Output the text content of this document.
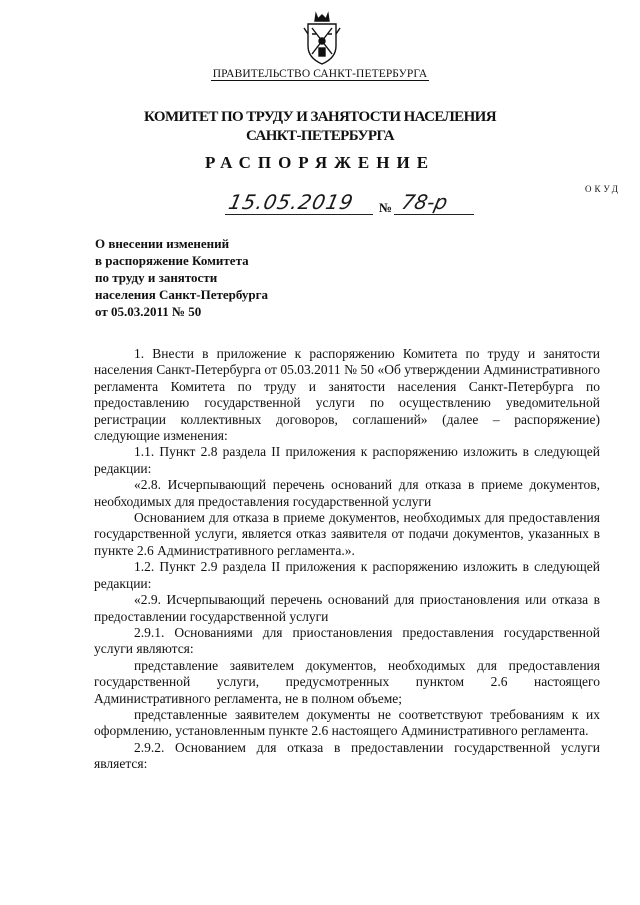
ПРАВИТЕЛЬСТВО САНКТ-ПЕТЕРБУРГА
КОМИТЕТ ПО ТРУДУ И ЗАНЯТОСТИ НАСЕЛЕНИЯ
САНКТ-ПЕТЕРБУРГА
РАСПОРЯЖЕНИЕ
ОКУД
15.05.2019 № 78-р
О внесении изменений
в распоряжение Комитета
по труду и занятости
населения Санкт-Петербурга
от 05.03.2011 № 50

1. Внести в приложение к распоряжению Комитета по труду и занятости населения Санкт-Петербурга от 05.03.2011 № 50 «Об утверждении Административного регламента Комитета по труду и занятости населения Санкт-Петербурга по предоставлению государственной услуги по осуществлению уведомительной регистрации коллективных договоров, соглашений» (далее – распоряжение) следующие изменения:

1.1. Пункт 2.8 раздела II приложения к распоряжению изложить в следующей редакции:

«2.8. Исчерпывающий перечень оснований для отказа в приеме документов, необходимых для предоставления государственной услуги

Основанием для отказа в приеме документов, необходимых для предоставления государственной услуги, является отказ заявителя от подачи документов, указанных в пункте 2.6 Административного регламента.».

1.2. Пункт 2.9 раздела II приложения к распоряжению изложить в следующей редакции:

«2.9. Исчерпывающий перечень оснований для приостановления или отказа в предоставлении государственной услуги

2.9.1. Основаниями для приостановления предоставления государственной услуги являются:

представление заявителем документов, необходимых для предоставления государственной услуги, предусмотренных пунктом 2.6 настоящего Административного регламента, не в полном объеме;

представленные заявителем документы не соответствуют требованиям к их оформлению, установленным пункте 2.6 настоящего Административного регламента.

2.9.2. Основанием для отказа в предоставлении государственной услуги является:
